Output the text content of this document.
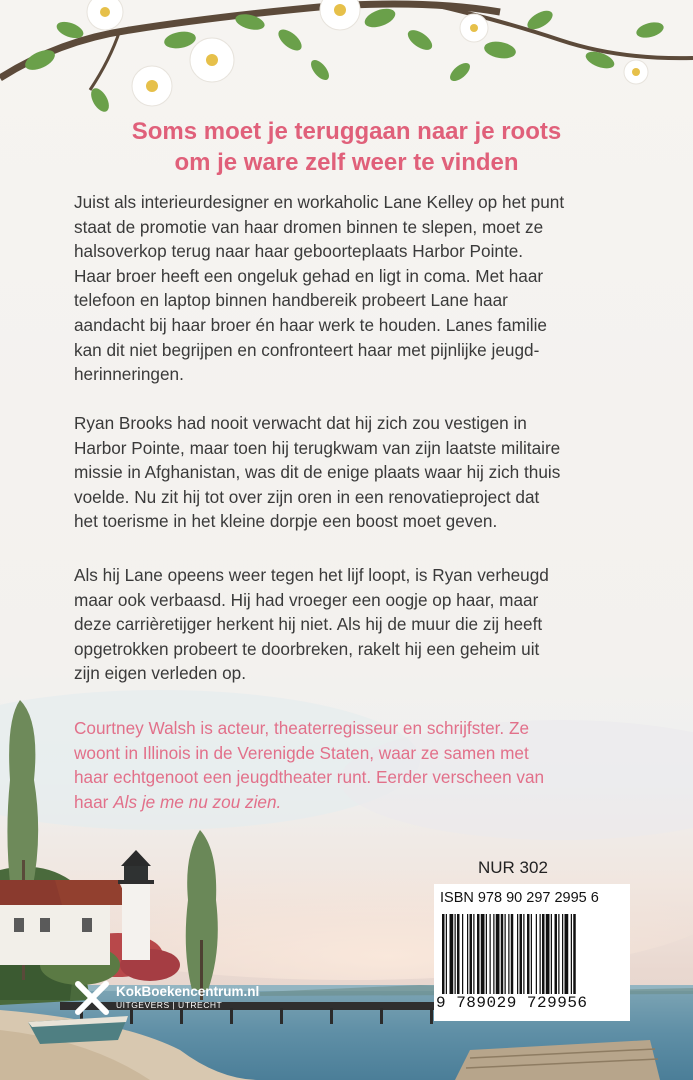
Soms moet je teruggaan naar je roots
om je ware zelf weer te vinden
Juist als interieurdesigner en workaholic Lane Kelley op het punt
staat de promotie van haar dromen binnen te slepen, moet ze
halsoverkop terug naar haar geboorteplaats Harbor Pointe.
Haar broer heeft een ongeluk gehad en ligt in coma. Met haar
telefoon en laptop binnen handbereik probeert Lane haar
aandacht bij haar broer én haar werk te houden. Lanes familie
kan dit niet begrijpen en confronteert haar met pijnlijke jeugd-
herinneringen.
Ryan Brooks had nooit verwacht dat hij zich zou vestigen in
Harbor Pointe, maar toen hij terugkwam van zijn laatste militaire
missie in Afghanistan, was dit de enige plaats waar hij zich thuis
voelde. Nu zit hij tot over zijn oren in een renovatieproject dat
het toerisme in het kleine dorpje een boost moet geven.
Als hij Lane opeens weer tegen het lijf loopt, is Ryan verheugd
maar ook verbaasd. Hij had vroeger een oogje op haar, maar
deze carrièretijger herkent hij niet. Als hij de muur die zij heeft
opgetrokken probeert te doorbreken, rakelt hij een geheim uit
zijn eigen verleden op.
Courtney Walsh is acteur, theaterregisseur en schrijfster. Ze
woont in Illinois in de Verenigde Staten, waar ze samen met
haar echtgenoot een jeugdtheater runt. Eerder verscheen van
haar Als je me nu zou zien.
NUR 302
ISBN 978 90 297 2995 6
9 789029 729956
KokBoekencentrum.nl
UITGEVERS | UTRECHT
